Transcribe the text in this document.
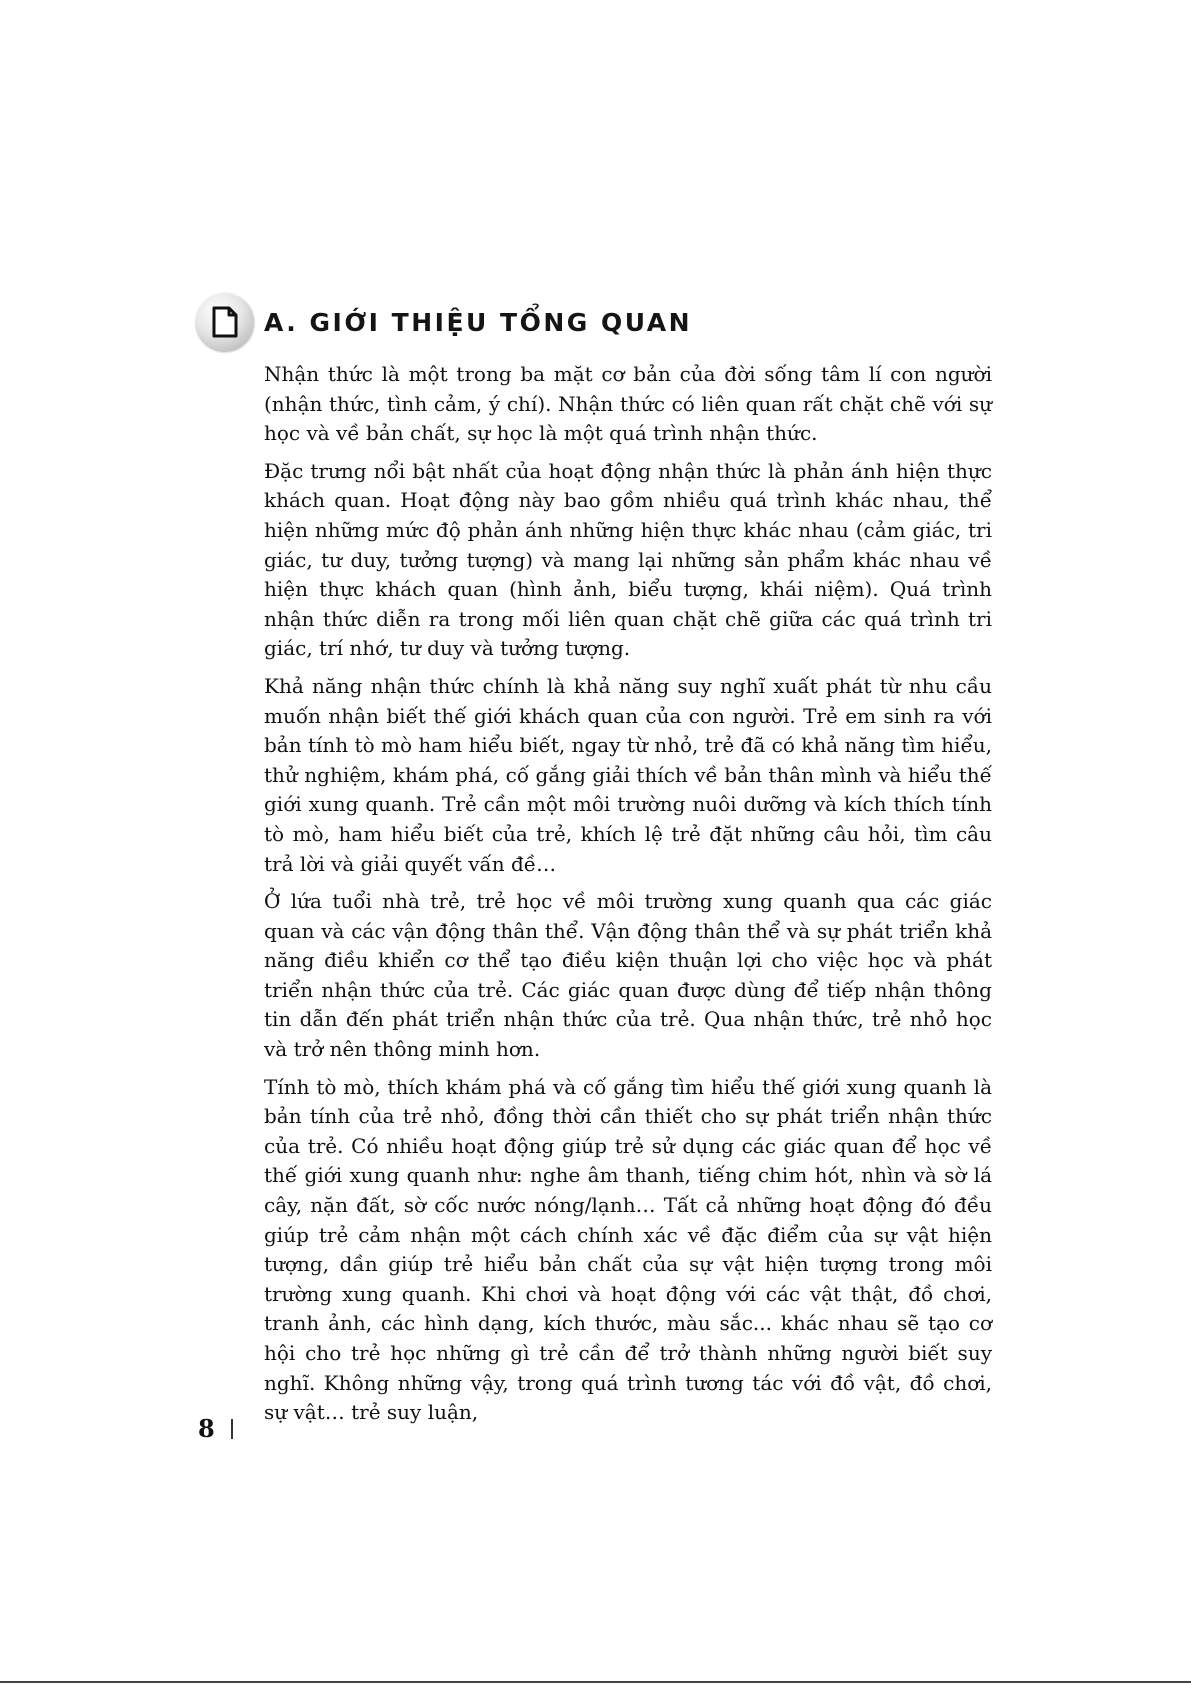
A. GIỚI THIỆU TỔNG QUAN

Nhận thức là một trong ba mặt cơ bản của đời sống tâm lí con người (nhận thức, tình cảm, ý chí). Nhận thức có liên quan rất chặt chẽ với sự học và về bản chất, sự học là một quá trình nhận thức.

Đặc trưng nổi bật nhất của hoạt động nhận thức là phản ánh hiện thực khách quan. Hoạt động này bao gồm nhiều quá trình khác nhau, thể hiện những mức độ phản ánh những hiện thực khác nhau (cảm giác, tri giác, tư duy, tưởng tượng) và mang lại những sản phẩm khác nhau về hiện thực khách quan (hình ảnh, biểu tượng, khái niệm). Quá trình nhận thức diễn ra trong mối liên quan chặt chẽ giữa các quá trình tri giác, trí nhớ, tư duy và tưởng tượng.

Khả năng nhận thức chính là khả năng suy nghĩ xuất phát từ nhu cầu muốn nhận biết thế giới khách quan của con người. Trẻ em sinh ra với bản tính tò mò ham hiểu biết, ngay từ nhỏ, trẻ đã có khả năng tìm hiểu, thử nghiệm, khám phá, cố gắng giải thích về bản thân mình và hiểu thế giới xung quanh. Trẻ cần một môi trường nuôi dưỡng và kích thích tính tò mò, ham hiểu biết của trẻ, khích lệ trẻ đặt những câu hỏi, tìm câu trả lời và giải quyết vấn đề…

Ở lứa tuổi nhà trẻ, trẻ học về môi trường xung quanh qua các giác quan và các vận động thân thể. Vận động thân thể và sự phát triển khả năng điều khiển cơ thể tạo điều kiện thuận lợi cho việc học và phát triển nhận thức của trẻ. Các giác quan được dùng để tiếp nhận thông tin dẫn đến phát triển nhận thức của trẻ. Qua nhận thức, trẻ nhỏ học và trở nên thông minh hơn.

Tính tò mò, thích khám phá và cố gắng tìm hiểu thế giới xung quanh là bản tính của trẻ nhỏ, đồng thời cần thiết cho sự phát triển nhận thức của trẻ. Có nhiều hoạt động giúp trẻ sử dụng các giác quan để học về thế giới xung quanh như: nghe âm thanh, tiếng chim hót, nhìn và sờ lá cây, nặn đất, sờ cốc nước nóng/lạnh… Tất cả những hoạt động đó đều giúp trẻ cảm nhận một cách chính xác về đặc điểm của sự vật hiện tượng, dần giúp trẻ hiểu bản chất của sự vật hiện tượng trong môi trường xung quanh. Khi chơi và hoạt động với các vật thật, đồ chơi, tranh ảnh, các hình dạng, kích thước, màu sắc... khác nhau sẽ tạo cơ hội cho trẻ học những gì trẻ cần để trở thành những người biết suy nghĩ. Không những vậy, trong quá trình tương tác với đồ vật, đồ chơi, sự vật… trẻ suy luận,

8
